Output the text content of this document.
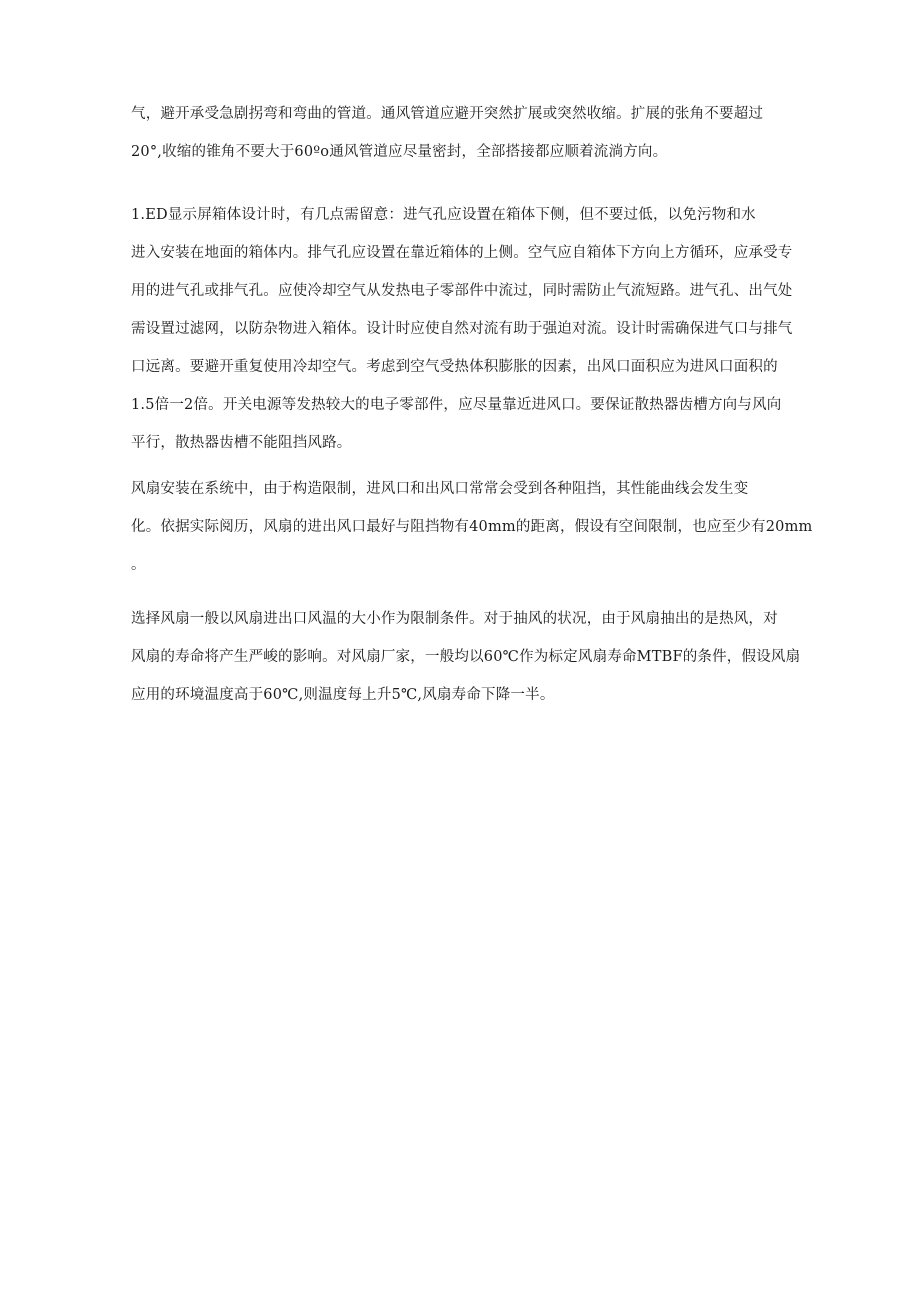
气，避开承受急剧拐弯和弯曲的管道。通风管道应避开突然扩展或突然收缩。扩展的张角不要超过
20°,收缩的锥角不要大于60ºo通风管道应尽量密封，全部搭接都应顺着流淌方向。
1.ED显示屏箱体设计时，有几点需留意：进气孔应设置在箱体下侧，但不要过低，以免污物和水
进入安装在地面的箱体内。排气孔应设置在靠近箱体的上侧。空气应自箱体下方向上方循环，应承受专
用的进气孔或排气孔。应使冷却空气从发热电子零部件中流过，同时需防止气流短路。进气孔、出气处
需设置过滤网，以防杂物进入箱体。设计时应使自然对流有助于强迫对流。设计时需确保进气口与排气
口远离。要避开重复使用冷却空气。考虑到空气受热体积膨胀的因素，出风口面积应为进风口面积的
1.5倍一2倍。开关电源等发热较大的电子零部件，应尽量靠近进风口。要保证散热器齿槽方向与风向
平行，散热器齿槽不能阻挡风路。
风扇安装在系统中，由于构造限制，进风口和出风口常常会受到各种阻挡，其性能曲线会发生变
化。依据实际阅历，风扇的进出风口最好与阻挡物有40mm的距离，假设有空间限制，也应至少有20mm
。
选择风扇一般以风扇进出口风温的大小作为限制条件。对于抽风的状况，由于风扇抽出的是热风，对
风扇的寿命将产生严峻的影响。对风扇厂家，一般均以60℃作为标定风扇寿命MTBF的条件，假设风扇
应用的环境温度高于60℃,则温度每上升5℃,风扇寿命下降一半。
